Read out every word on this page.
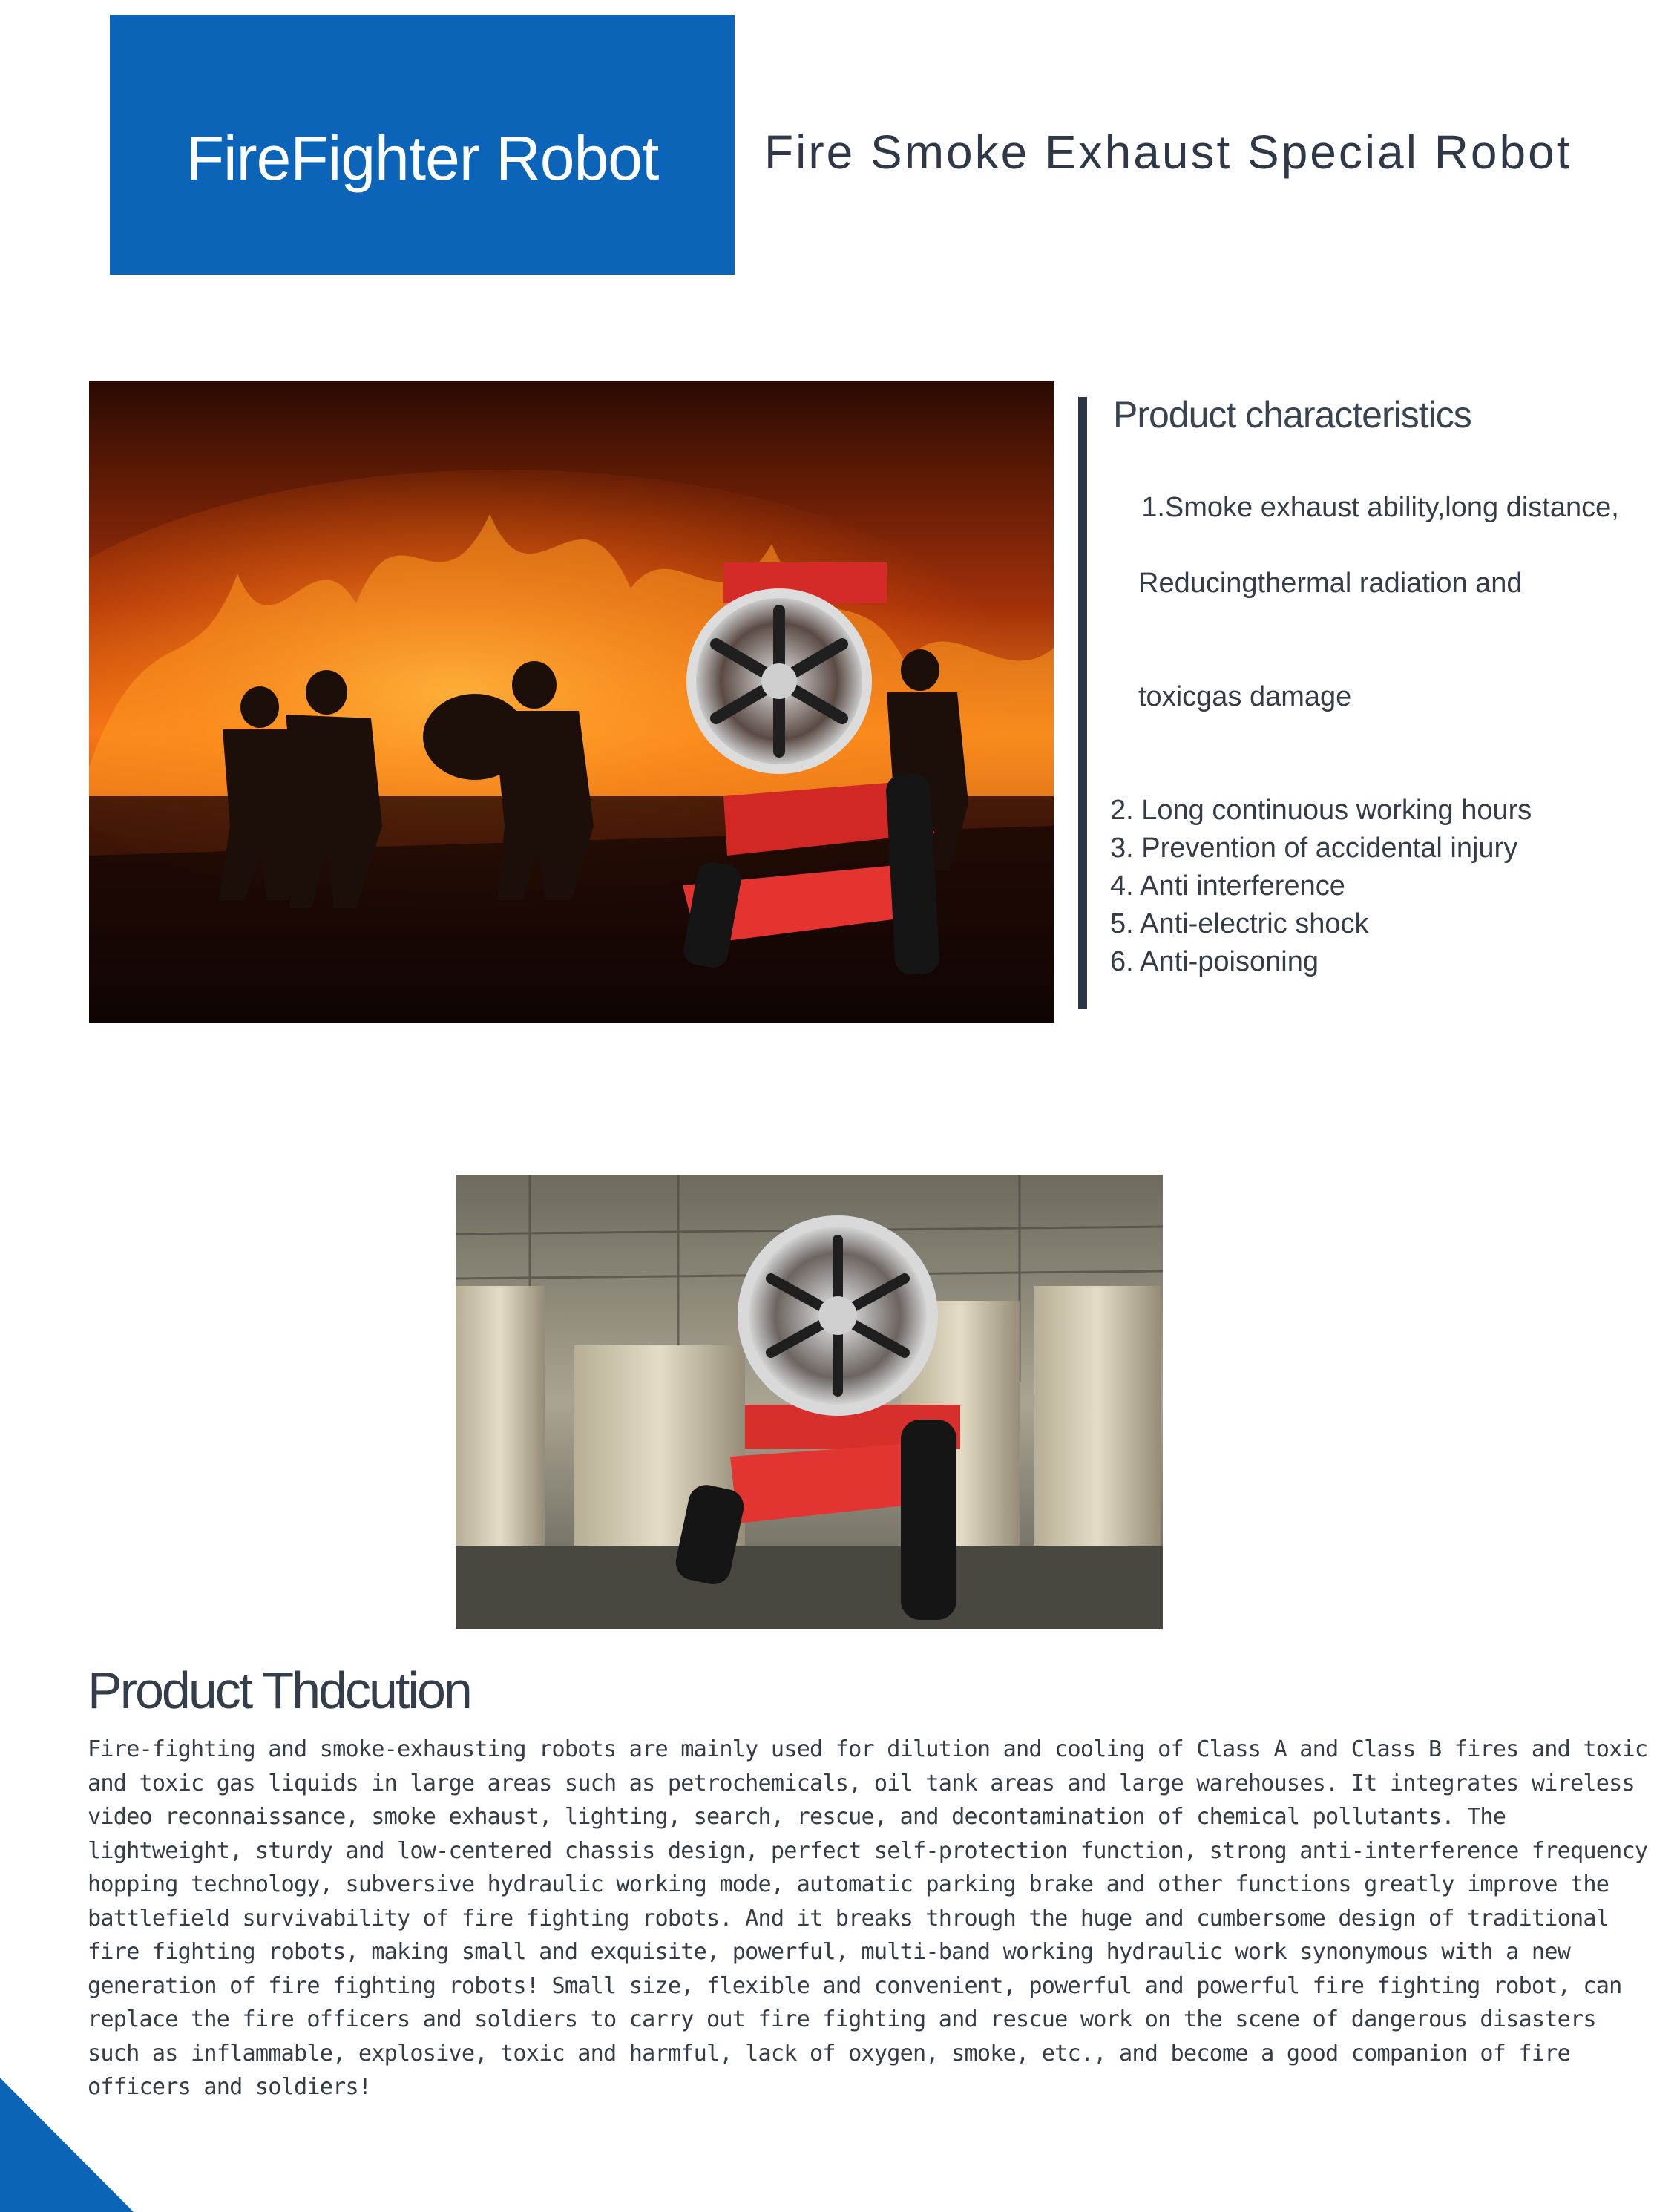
FireFighter Robot	Fire Smoke Exhaust Special Robot
Product characteristics

1.Smoke exhaust ability,long distance,

Reducingthermal radiation and

toxicgas damage

2. Long continuous working hours
3. Prevention of accidental injury
4. Anti interference
5. Anti-electric shock
6. Anti-poisoning
Product Thdcution

Fire-fighting and smoke-exhausting robots are mainly used for dilution and cooling of Class A and Class B fires and toxic and toxic gas liquids in large areas such as petrochemicals, oil tank areas and large warehouses. It integrates wireless video reconnaissance, smoke exhaust, lighting, search, rescue, and decontamination of chemical pollutants. The lightweight, sturdy and low-centered chassis design, perfect self-protection function, strong anti-interference frequency hopping technology, subversive hydraulic working mode, automatic parking brake and other functions greatly improve the battlefield survivability of fire fighting robots. And it breaks through the huge and cumbersome design of traditional fire fighting robots, making small and exquisite, powerful, multi-band working hydraulic work synonymous with a new generation of fire fighting robots! Small size, flexible and convenient, powerful and powerful fire fighting robot, can replace the fire officers and soldiers to carry out fire fighting and rescue work on the scene of dangerous disasters such as inflammable, explosive, toxic and harmful, lack of oxygen, smoke, etc., and become a good companion of fire officers and soldiers!
